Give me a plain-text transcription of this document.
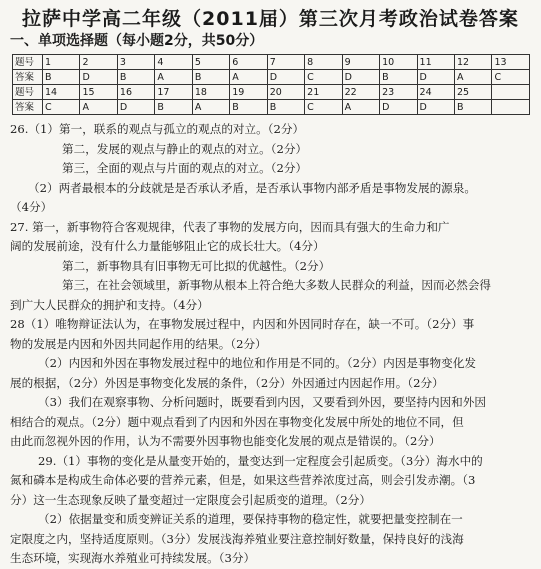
拉萨中学高二年级（2011届）第三次月考政治试卷答案
一、单项选择题（每小题2分，共50分）
题号	1	2	3	4	5	6	7	8	9	10	11	12	13
答案	B	D	B	A	B	A	D	C	D	B	D	A	C
题号	14	15	16	17	18	19	20	21	22	23	24	25	
答案	C	A	D	B	A	B	B	C	A	D	D	B	

26.（1）第一，联系的观点与孤立的观点的对立。（2分）

第二，发展的观点与静止的观点的对立。（2分）

第三，全面的观点与片面的观点的对立。（2分）

（2）两者最根本的分歧就是是否承认矛盾，是否承认事物内部矛盾是事物发展的源泉。

（4分）

27. 第一，新事物符合客观规律，代表了事物的发展方向，因而具有强大的生命力和广

阔的发展前途，没有什么力量能够阻止它的成长壮大。（4分）

第二，新事物具有旧事物无可比拟的优越性。（2分）

第三，在社会领域里，新事物从根本上符合绝大多数人民群众的利益，因而必然会得

到广大人民群众的拥护和支持。（4分）

28（1）唯物辩证法认为，在事物发展过程中，内因和外因同时存在，缺一不可。（2分）事

物的发展是内因和外因共同起作用的结果。（2分）

（2）内因和外因在事物发展过程中的地位和作用是不同的。（2分）内因是事物变化发

展的根据，（2分）外因是事物变化发展的条件，（2分）外因通过内因起作用。（2分）

（3）我们在观察事物、分析问题时，既要看到内因，又要看到外因，要坚持内因和外因

相结合的观点。（2分）题中观点看到了内因和外因在事物变化发展中所处的地位不同，但

由此而忽视外因的作用，认为不需要外因事物也能变化发展的观点是错误的。（2分）

29.（1）事物的变化是从量变开始的，量变达到一定程度会引起质变。（3分）海水中的

氮和磷本是构成生命体必要的营养元素，但是，如果这些营养浓度过高，则会引发赤潮。（3

分）这一生态现象反映了量变超过一定限度会引起质变的道理。（2分）

（2）依据量变和质变辨证关系的道理，要保持事物的稳定性，就要把量变控制在一

定限度之内，坚持适度原则。（3分）发展浅海养殖业要注意控制好数量，保持良好的浅海

生态环境，实现海水养殖业可持续发展。（3分）
